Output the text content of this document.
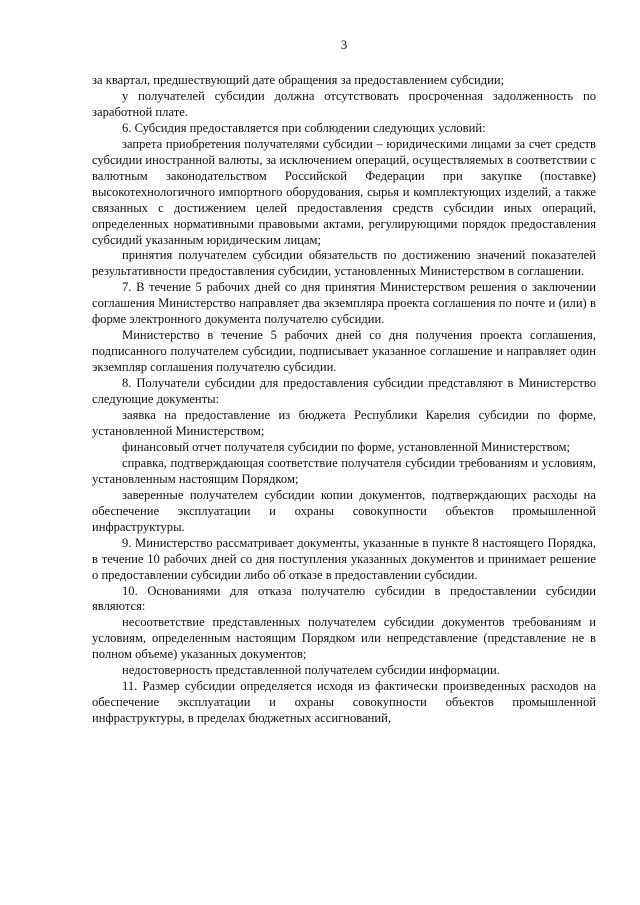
3

за квартал, предшествующий дате обращения за предоставлением субсидии;

у получателей субсидии должна отсутствовать просроченная задолженность по заработной плате.

6. Субсидия предоставляется при соблюдении следующих условий:

запрета приобретения получателями субсидии – юридическими лицами за счет средств субсидии иностранной валюты, за исключением операций, осуществляемых в соответствии с валютным законодательством Российской Федерации при закупке (поставке) высокотехнологичного импортного оборудования, сырья и комплектующих изделий, а также связанных с достижением целей предоставления средств субсидии иных операций, определенных нормативными правовыми актами, регулирующими порядок предоставления субсидий указанным юридическим лицам;

принятия получателем субсидии обязательств по достижению значений показателей результативности предоставления субсидии, установленных Министерством в соглашении.

7. В течение 5 рабочих дней со дня принятия Министерством решения о заключении соглашения Министерство направляет два экземпляра проекта соглашения по почте и (или) в форме электронного документа получателю субсидии.

Министерство в течение 5 рабочих дней со дня получения проекта соглашения, подписанного получателем субсидии, подписывает указанное соглашение и направляет один экземпляр соглашения получателю субсидии.

8. Получатели субсидии для предоставления субсидии представляют в Министерство следующие документы:

заявка на предоставление из бюджета Республики Карелия субсидии по форме, установленной Министерством;

финансовый отчет получателя субсидии по форме, установленной Министерством;

справка, подтверждающая соответствие получателя субсидии требованиям и условиям, установленным настоящим Порядком;

заверенные получателем субсидии копии документов, подтверждающих расходы на обеспечение эксплуатации и охраны совокупности объектов промышленной инфраструктуры.

9. Министерство рассматривает документы, указанные в пункте 8 настоящего Порядка, в течение 10 рабочих дней со дня поступления указанных документов и принимает решение о предоставлении субсидии либо об отказе в предоставлении субсидии.

10. Основаниями для отказа получателю субсидии в предоставлении субсидии являются:

несоответствие представленных получателем субсидии документов требованиям и условиям, определенным настоящим Порядком или непредставление (представление не в полном объеме) указанных документов;

недостоверность представленной получателем субсидии информации.

11. Размер субсидии определяется исходя из фактически произведенных расходов на обеспечение эксплуатации и охраны совокупности объектов промышленной инфраструктуры, в пределах бюджетных ассигнований,
